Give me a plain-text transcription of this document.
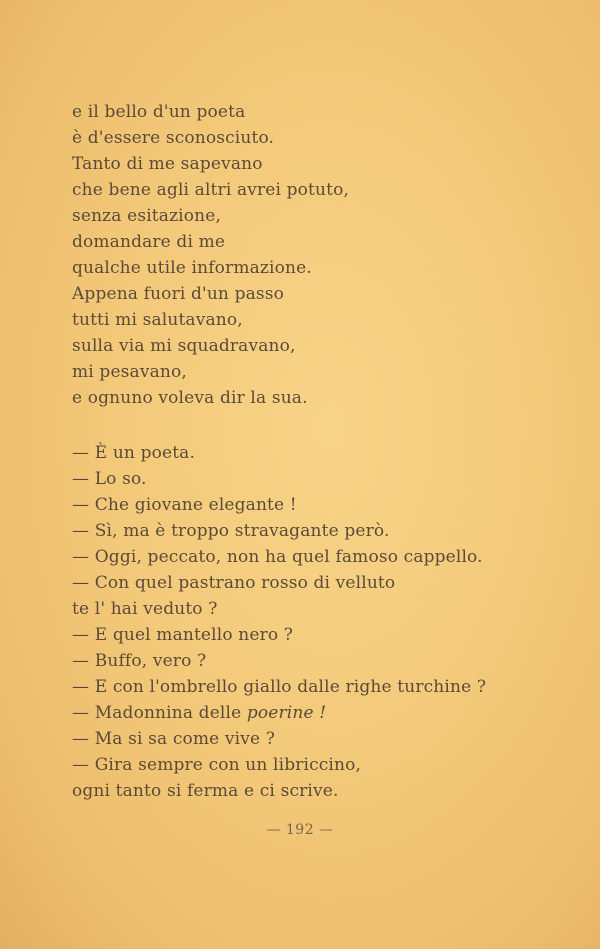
e il bello d'un poeta
è d'essere sconosciuto.
Tanto di me sapevano
che bene agli altri avrei potuto,
senza esitazione,
domandare di me
qualche utile informazione.
Appena fuori d'un passo
tutti mi salutavano,
sulla via mi squadravano,
mi pesavano,
e ognuno voleva dir la sua.
— È un poeta.
— Lo so.
— Che giovane elegante !
— Sì, ma è troppo stravagante però.
— Oggi, peccato, non ha quel famoso cappello.
— Con quel pastrano rosso di velluto
te l' hai veduto ?
— E quel mantello nero ?
— Buffo, vero ?
— E con l'ombrello giallo dalle righe turchine ?
— Madonnina delle poerine !
— Ma si sa come vive ?
— Gira sempre con un libriccino,
ogni tanto si ferma e ci scrive.
— 192 —
